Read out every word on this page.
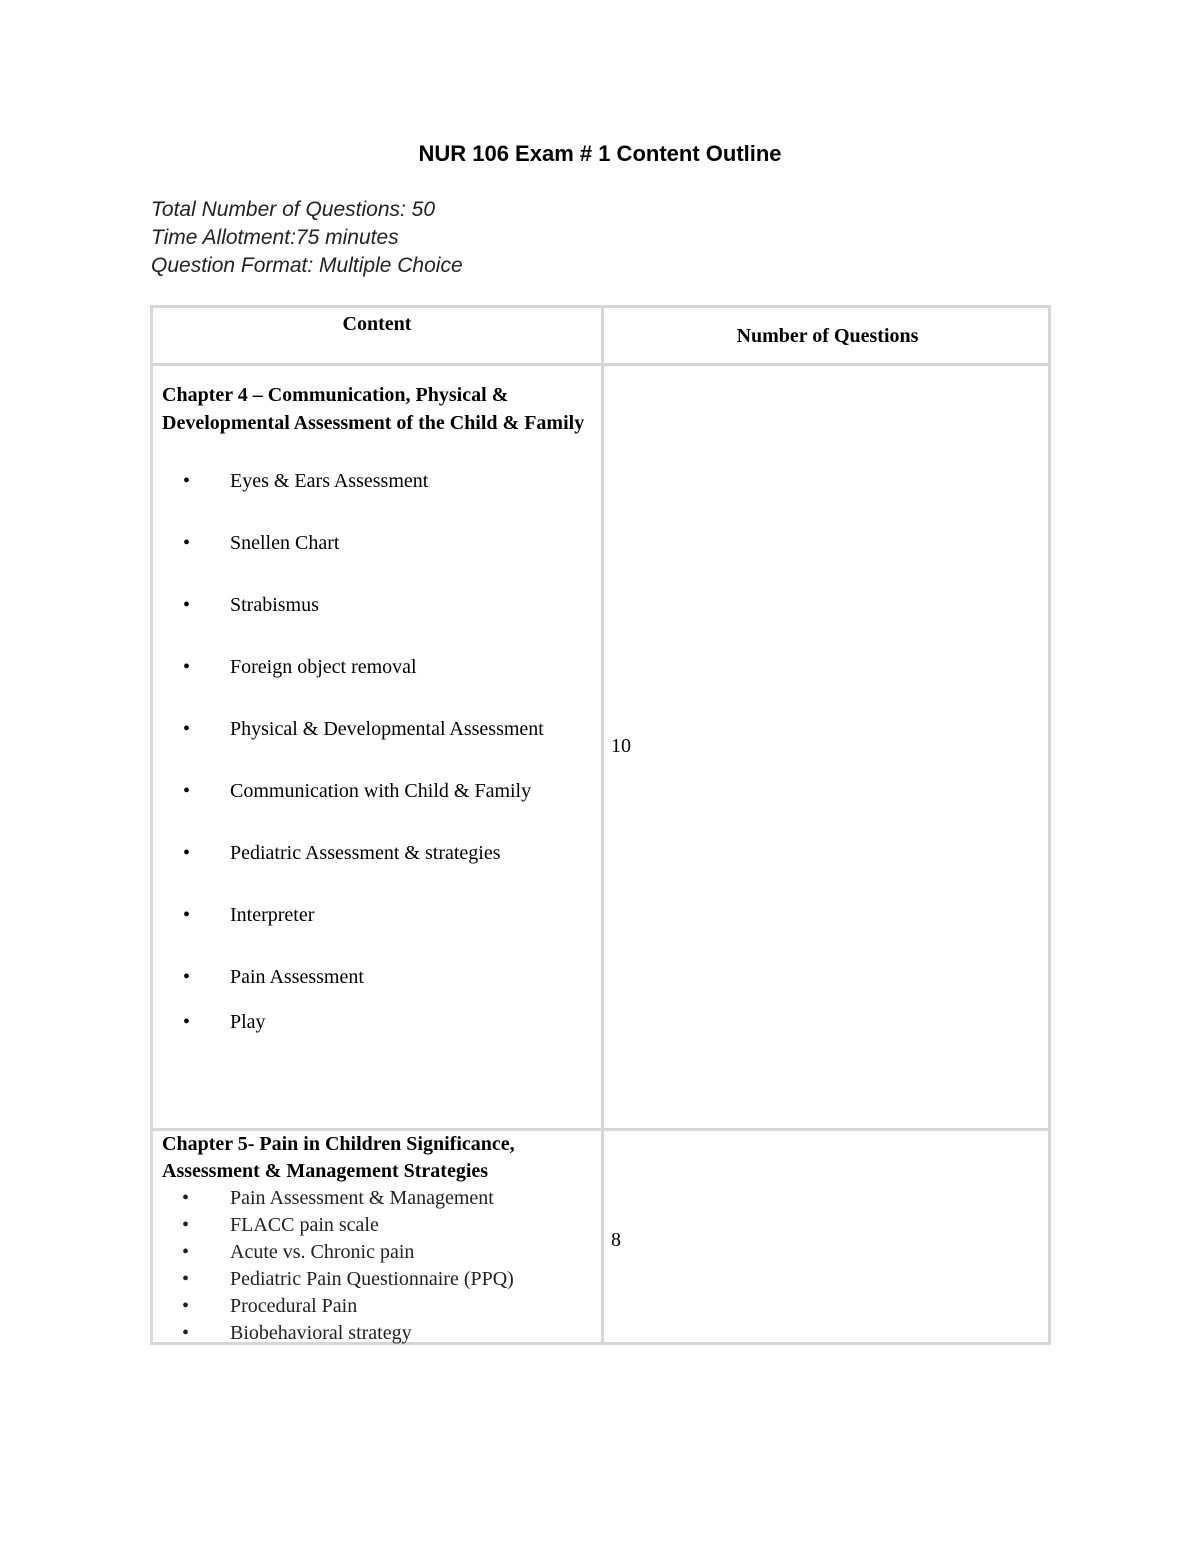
NUR 106 Exam # 1 Content Outline
Total Number of Questions: 50
Time Allotment:75 minutes
Question Format: Multiple Choice
Content
Number of Questions

Chapter 4 – Communication, Physical & Developmental Assessment of the Child & Family

• Eyes & Ears Assessment
• Snellen Chart
• Strabismus
• Foreign object removal
• Physical & Developmental Assessment
• Communication with Child & Family
• Pediatric Assessment & strategies
• Interpreter
• Pain Assessment
• Play
10

Chapter 5- Pain in Children Significance, Assessment & Management Strategies

• Pain Assessment & Management
• FLACC pain scale
• Acute vs. Chronic pain
• Pediatric Pain Questionnaire (PPQ)
• Procedural Pain
• Biobehavioral strategy
8
